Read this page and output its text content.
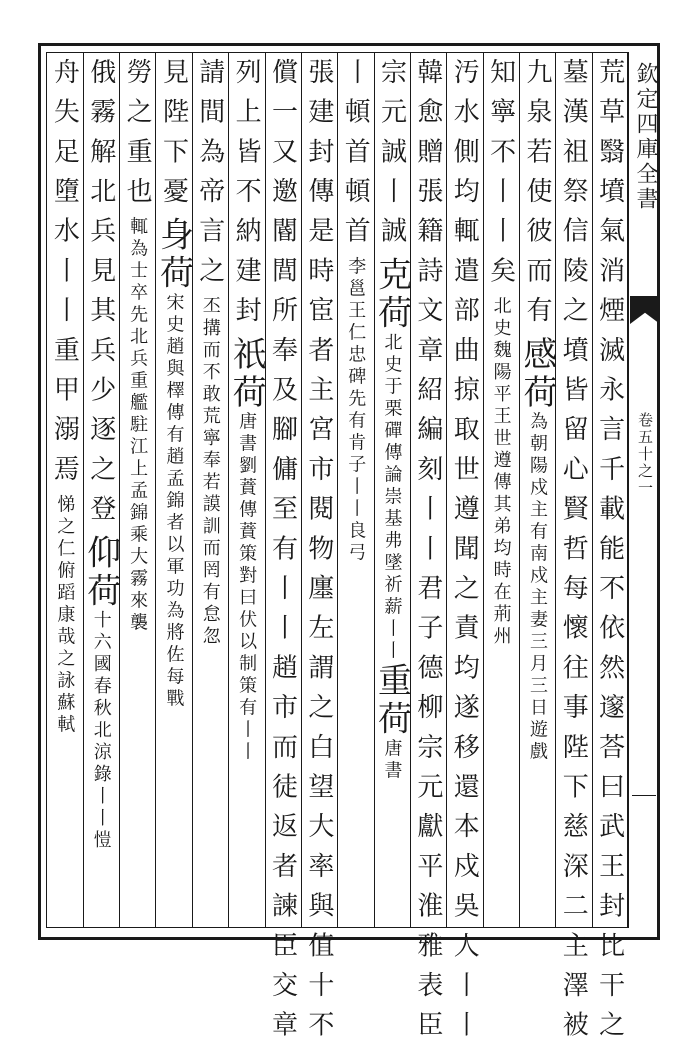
欽定四庫全書
卷五十之一
荒草翳墳氣消煙滅永言千載能不依然邃荅曰武王封比干之
墓漢祖祭信陵之墳皆留心賢哲每懷往事陛下慈深二主澤被
九泉若使彼而有感荷為朝陽戍主有南戍主妻三月三日遊戲
知寧不丨丨矣北史魏陽平王世遵傳其弟均時在荊州
汚水側均輒遣部曲掠取世遵聞之責均遂移還本戍吳人丨丨
韓愈贈張籍詩文章紹編刻丨丨君子德柳宗元獻平淮雅表臣
宗元誠丨誠克荷北史于栗磾傳論崇基弗墜祈薪丨丨重荷唐書
丨頓首頓首李邕王仁忠碑先有肯子丨丨良弓
張建封傳是時宦者主宮市閱物廛左謂之白望大率與值十不
償一又邀閽閭所奉及腳傭至有丨丨趙市而徒返者諫臣交章
列上皆不納建封祇荷唐書劉蕡傳蕡策對曰伏以制策有丨丨
請間為帝言之丕搆而不敢荒寧奉若謨訓而罔有怠忽
見陛下憂身荷宋史趙與檡傳有趙孟錦者以軍功為將佐每戰
勞之重也輒為士卒先北兵重艦駐江上孟錦乘大霧來襲
俄霧解北兵見其兵少逐之登仰荷十六國春秋北涼錄丨丨愷
舟失足墮水丨丨重甲溺焉悌之仁俯蹈康哉之詠蘇軾
